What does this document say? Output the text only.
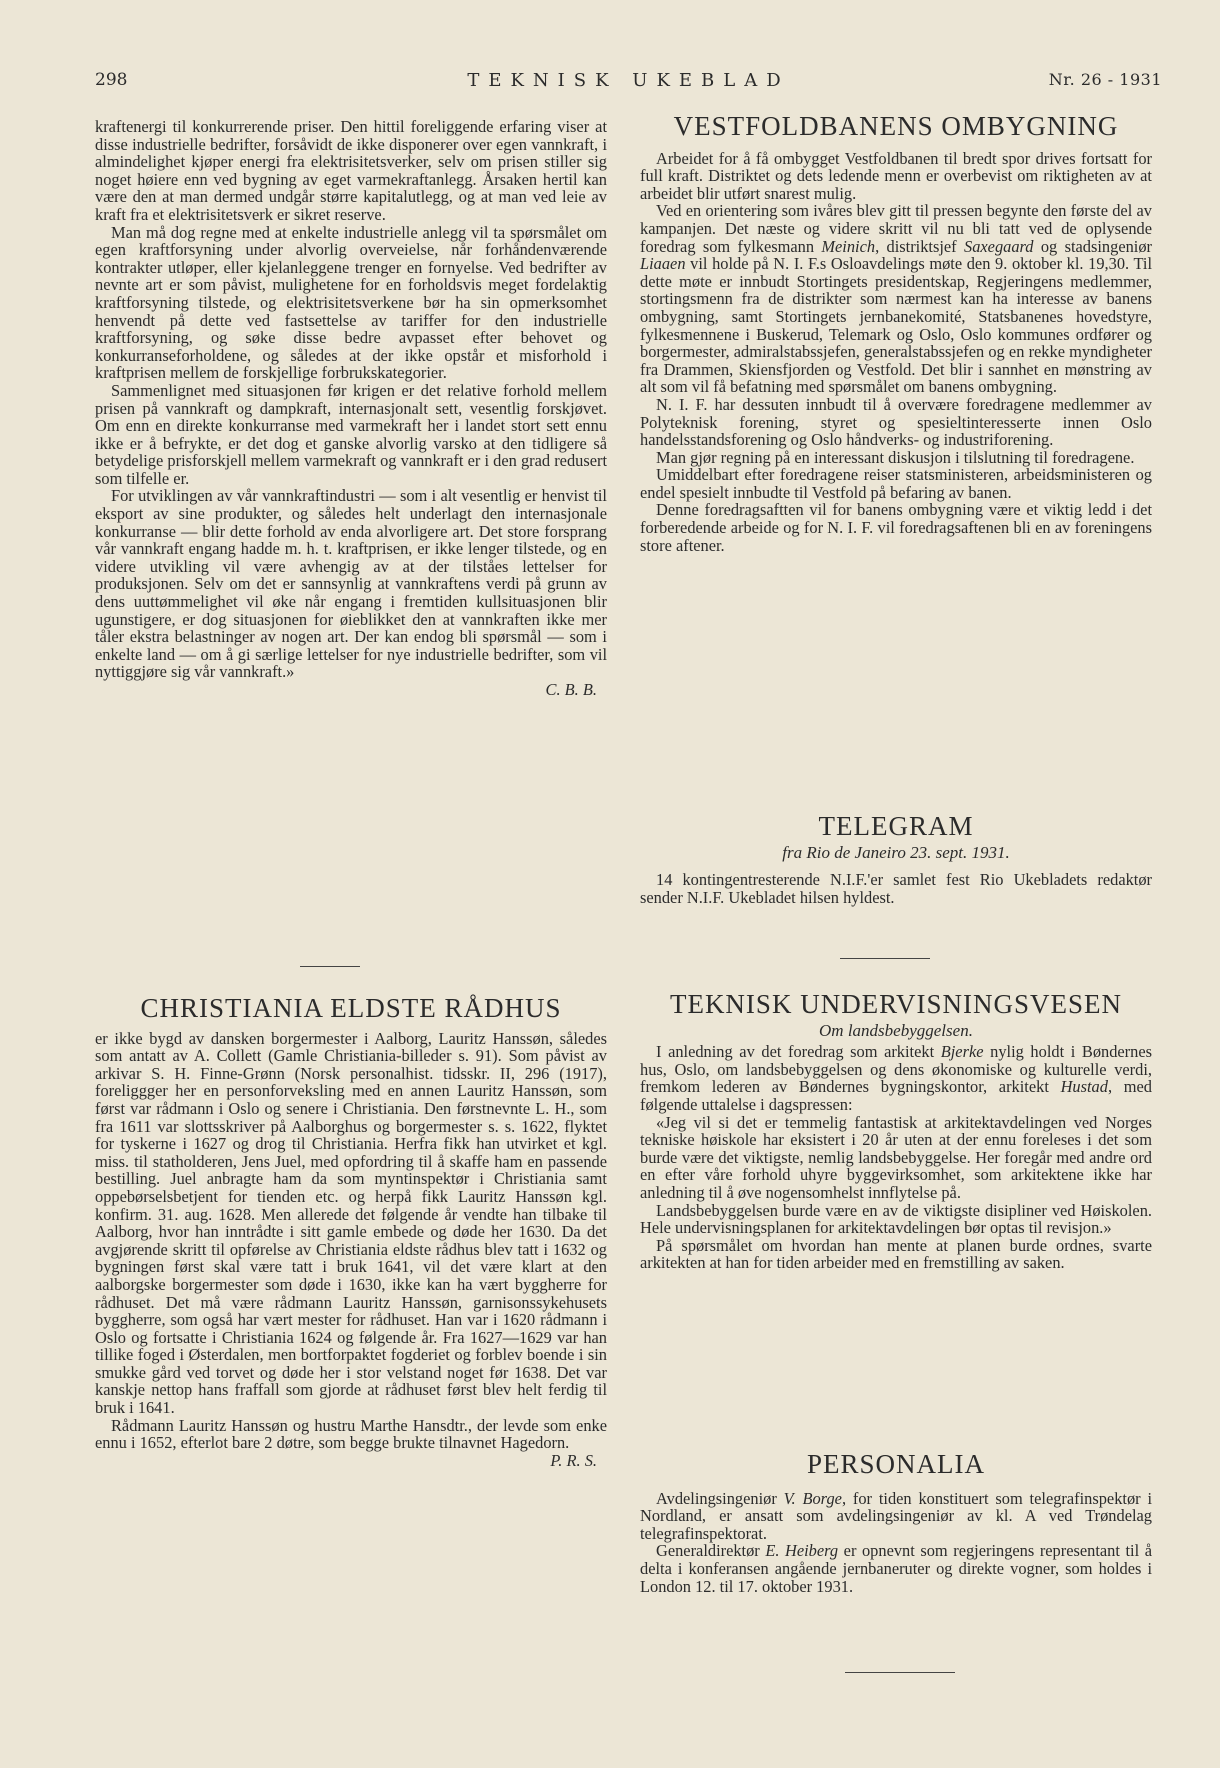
298	TEKNISK UKEBLAD	Nr. 26 - 1931

kraftenergi til konkurrerende priser. Den hittil foreliggende erfaring viser at disse industrielle bedrifter, forsåvidt de ikke disponerer over egen vannkraft, i almindelighet kjøper energi fra elektrisitetsverker, selv om prisen stiller sig noget høiere enn ved bygning av eget varmekraftanlegg. Årsaken hertil kan være den at man dermed undgår større kapitalutlegg, og at man ved leie av kraft fra et elektrisitetsverk er sikret reserve.

Man må dog regne med at enkelte industrielle anlegg vil ta spørsmålet om egen kraftforsyning under alvorlig overveielse, når forhåndenværende kontrakter utløper, eller kjelanleggene trenger en fornyelse. Ved bedrifter av nevnte art er som påvist, mulighetene for en forholdsvis meget fordelaktig kraftforsyning tilstede, og elektrisitetsverkene bør ha sin opmerksomhet henvendt på dette ved fastsettelse av tariffer for den industrielle kraftforsyning, og søke disse bedre avpasset efter behovet og konkurranseforholdene, og således at der ikke opstår et misforhold i kraftprisen mellem de forskjellige forbrukskategorier.

Sammenlignet med situasjonen før krigen er det relative forhold mellem prisen på vannkraft og dampkraft, internasjonalt sett, vesentlig forskjøvet. Om enn en direkte konkurranse med varmekraft her i landet stort sett ennu ikke er å befrykte, er det dog et ganske alvorlig varsko at den tidligere så betydelige prisforskjell mellem varmekraft og vannkraft er i den grad redusert som tilfelle er.

For utviklingen av vår vannkraftindustri — som i alt vesentlig er henvist til eksport av sine produkter, og således helt underlagt den internasjonale konkurranse — blir dette forhold av enda alvorligere art. Det store forsprang vår vannkraft engang hadde m. h. t. kraftprisen, er ikke lenger tilstede, og en videre utvikling vil være avhengig av at der tilståes lettelser for produksjonen. Selv om det er sannsynlig at vannkraftens verdi på grunn av dens uuttømmelighet vil øke når engang i fremtiden kullsituasjonen blir ugunstigere, er dog situasjonen for øieblikket den at vannkraften ikke mer tåler ekstra belastninger av nogen art. Der kan endog bli spørsmål — som i enkelte land — om å gi særlige lettelser for nye industrielle bedrifter, som vil nyttiggjøre sig vår vannkraft.»

C. B. B.
CHRISTIANIA ELDSTE RÅDHUS

er ikke bygd av dansken borgermester i Aalborg, Lauritz Hanssøn, således som antatt av A. Collett (Gamle Christiania-billeder s. 91). Som påvist av arkivar S. H. Finne-Grønn (Norsk personalhist. tidsskr. II, 296 (1917), foreliggger her en personforveksling med en annen Lauritz Hanssøn, som først var rådmann i Oslo og senere i Christiania. Den førstnevnte L. H., som fra 1611 var slottsskriver på Aalborghus og borgermester s. s. 1622, flyktet for tyskerne i 1627 og drog til Christiania. Herfra fikk han utvirket et kgl. miss. til statholderen, Jens Juel, med opfordring til å skaffe ham en passende bestilling. Juel anbragte ham da som myntinspektør i Christiania samt oppebørselsbetjent for tienden etc. og herpå fikk Lauritz Hanssøn kgl. konfirm. 31. aug. 1628. Men allerede det følgende år vendte han tilbake til Aalborg, hvor han inntrådte i sitt gamle embede og døde her 1630. Da det avgjørende skritt til opførelse av Christiania eldste rådhus blev tatt i 1632 og bygningen først skal være tatt i bruk 1641, vil det være klart at den aalborgske borgermester som døde i 1630, ikke kan ha vært byggherre for rådhuset. Det må være rådmann Lauritz Hanssøn, garnisonssykehusets byggherre, som også har vært mester for rådhuset. Han var i 1620 rådmann i Oslo og fortsatte i Christiania 1624 og følgende år. Fra 1627—1629 var han tillike foged i Østerdalen, men bortforpaktet fogderiet og forblev boende i sin smukke gård ved torvet og døde her i stor velstand noget før 1638. Det var kanskje nettop hans fraffall som gjorde at rådhuset først blev helt ferdig til bruk i 1641.

Rådmann Lauritz Hanssøn og hustru Marthe Hansdtr., der levde som enke ennu i 1652, efterlot bare 2 døtre, som begge brukte tilnavnet Hagedorn.
P. R. S.

VESTFOLDBANENS OMBYGNING

Arbeidet for å få ombygget Vestfoldbanen til bredt spor drives fortsatt for full kraft. Distriktet og dets ledende menn er overbevist om riktigheten av at arbeidet blir utført snarest mulig.

Ved en orientering som ivåres blev gitt til pressen begynte den første del av kampanjen. Det næste og videre skritt vil nu bli tatt ved de oplysende foredrag som fylkesmann Meinich, distriktsjef Saxegaard og stadsingeniør Liaaen vil holde på N. I. F.s Osloavdelings møte den 9. oktober kl. 19,30. Til dette møte er innbudt Stortingets presidentskap, Regjeringens medlemmer, stortingsmenn fra de distrikter som nærmest kan ha interesse av banens ombygning, samt Stortingets jernbanekomité, Statsbanenes hovedstyre, fylkesmennene i Buskerud, Telemark og Oslo, Oslo kommunes ordfører og borgermester, admiralstabssjefen, generalstabssjefen og en rekke myndigheter fra Drammen, Skiensfjorden og Vestfold. Det blir i sannhet en mønstring av alt som vil få befatning med spørsmålet om banens ombygning.

N. I. F. har dessuten innbudt til å overvære foredragene medlemmer av Polyteknisk forening, styret og spesieltinteresserte innen Oslo handelsstandsforening og Oslo håndverks- og industriforening.

Man gjør regning på en interessant diskusjon i tilslutning til foredragene.

Umiddelbart efter foredragene reiser statsministeren, arbeidsministeren og endel spesielt innbudte til Vestfold på befaring av banen.

Denne foredragsaftten vil for banens ombygning være et viktig ledd i det forberedende arbeide og for N. I. F. vil foredragsaftenen bli en av foreningens store aftener.

TELEGRAM
fra Rio de Janeiro 23. sept. 1931.

14 kontingentresterende N.I.F.'er samlet fest Rio Ukebladets redaktør sender N.I.F. Ukebladet hilsen hyldest.

TEKNISK UNDERVISNINGSVESEN
Om landsbebyggelsen.

I anledning av det foredrag som arkitekt Bjerke nylig holdt i Bøndernes hus, Oslo, om landsbebyggelsen og dens økonomiske og kulturelle verdi, fremkom lederen av Bøndernes bygningskontor, arkitekt Hustad, med følgende uttalelse i dagspressen:

«Jeg vil si det er temmelig fantastisk at arkitektavdelingen ved Norges tekniske høiskole har eksistert i 20 år uten at der ennu foreleses i det som burde være det viktigste, nemlig landsbebyggelse. Her foregår med andre ord en efter våre forhold uhyre byggevirksomhet, som arkitektene ikke har anledning til å øve nogensomhelst innflytelse på.

Landsbebyggelsen burde være en av de viktigste disipliner ved Høiskolen. Hele undervisningsplanen for arkitektavdelingen bør optas til revisjon.»

På spørsmålet om hvordan han mente at planen burde ordnes, svarte arkitekten at han for tiden arbeider med en fremstilling av saken.

PERSONALIA

Avdelingsingeniør V. Borge, for tiden konstituert som telegrafinspektør i Nordland, er ansatt som avdelingsingeniør av kl. A ved Trøndelag telegrafinspektorat.

Generaldirektør E. Heiberg er opnevnt som regjeringens representant til å delta i konferansen angående jernbaneruter og direkte vogner, som holdes i London 12. til 17. oktober 1931.
